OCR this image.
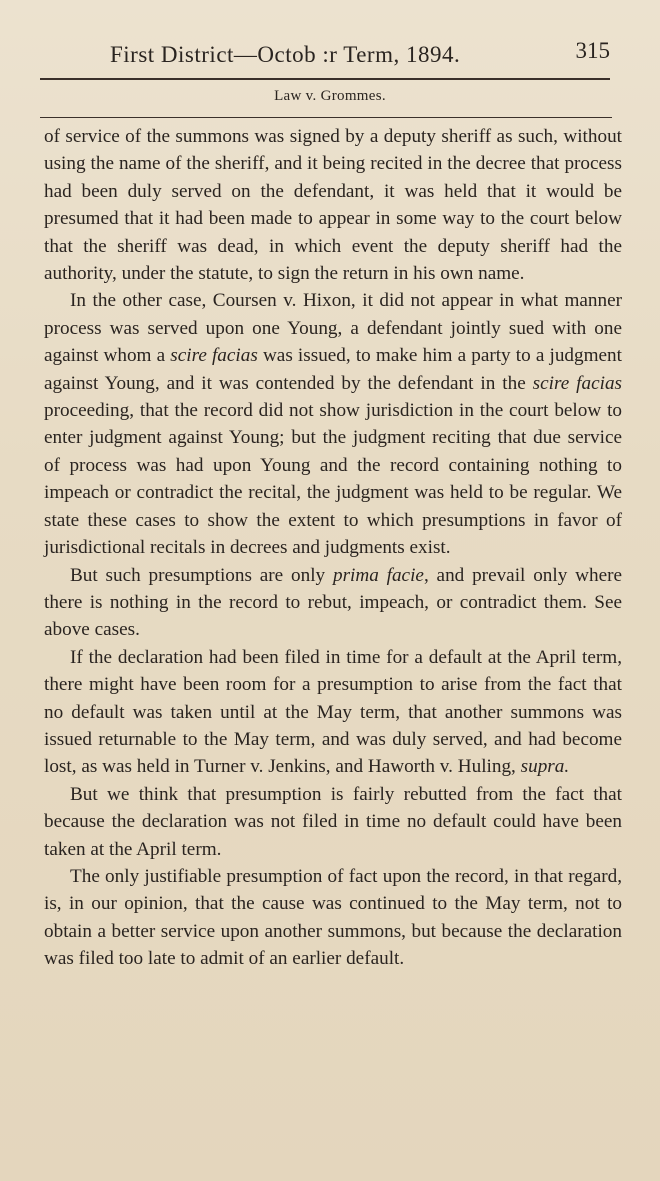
First District—Octob :r Term, 1894.	315
Law v. Grommes.

of service of the summons was signed by a deputy sheriff as such, without using the name of the sheriff, and it being recited in the decree that process had been duly served on the defendant, it was held that it would be presumed that it had been made to appear in some way to the court below that the sheriff was dead, in which event the deputy sheriff had the authority, under the statute, to sign the return in his own name.

In the other case, Coursen v. Hixon, it did not appear in what manner process was served upon one Young, a defendant jointly sued with one against whom a scire facias was issued, to make him a party to a judgment against Young, and it was contended by the defendant in the scire facias proceeding, that the record did not show jurisdiction in the court below to enter judgment against Young; but the judgment reciting that due service of process was had upon Young and the record containing nothing to impeach or contradict the recital, the judgment was held to be regular. We state these cases to show the extent to which presumptions in favor of jurisdictional recitals in decrees and judgments exist.

But such presumptions are only prima facie, and prevail only where there is nothing in the record to rebut, impeach, or contradict them. See above cases.

If the declaration had been filed in time for a default at the April term, there might have been room for a presumption to arise from the fact that no default was taken until at the May term, that another summons was issued returnable to the May term, and was duly served, and had become lost, as was held in Turner v. Jenkins, and Haworth v. Huling, supra.

But we think that presumption is fairly rebutted from the fact that because the declaration was not filed in time no default could have been taken at the April term.

The only justifiable presumption of fact upon the record, in that regard, is, in our opinion, that the cause was continued to the May term, not to obtain a better service upon another summons, but because the declaration was filed too late to admit of an earlier default.
